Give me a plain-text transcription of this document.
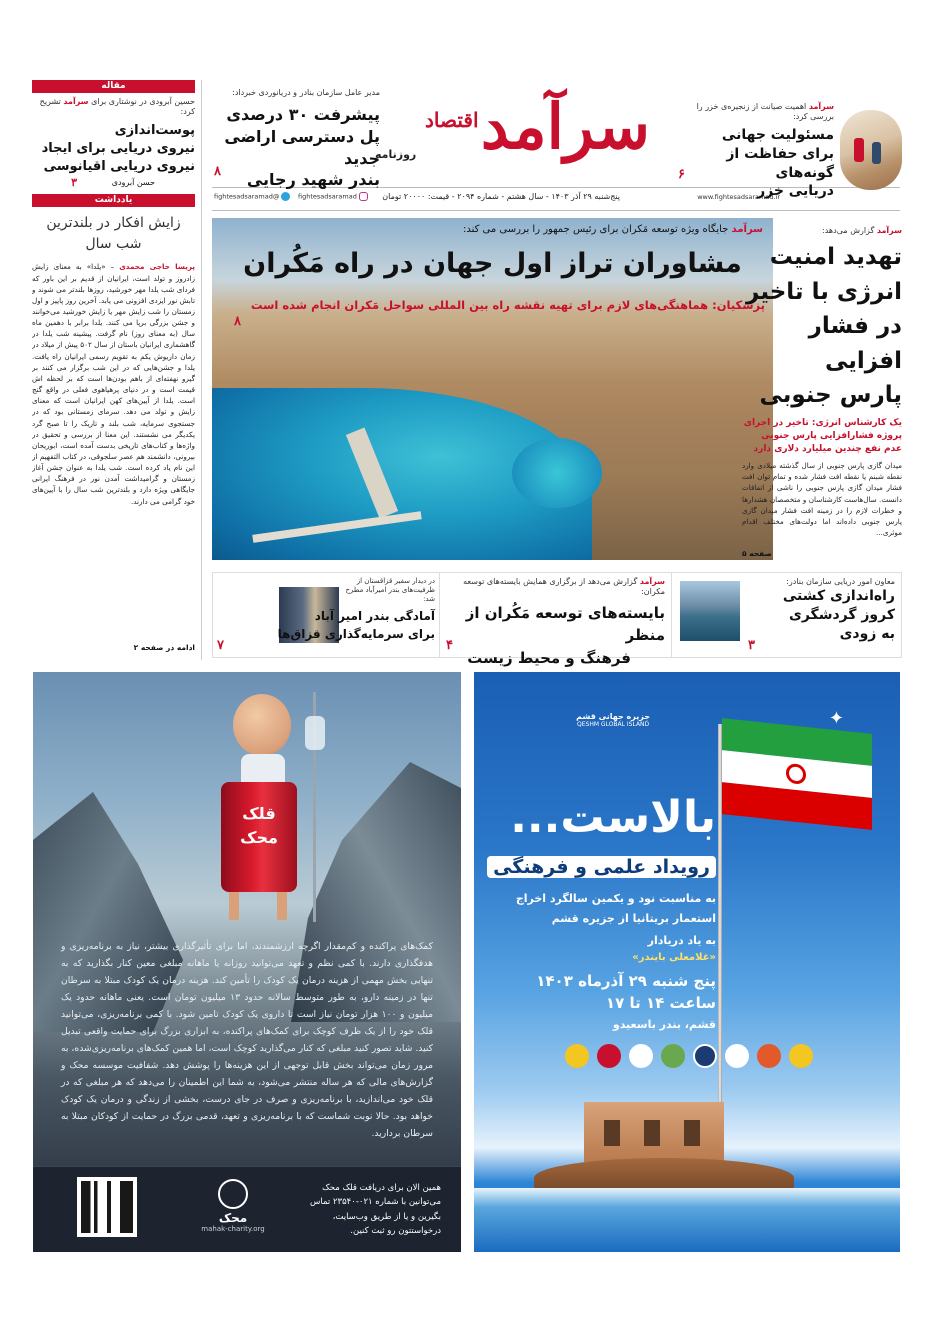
سرآمد
اقتصاد
روزنامه
www.fightesadsaramad.ir
پنج‌شنبه ۲۹ آذر ۱۴۰۳ - سال هشتم - شماره ۲۰۹۴ - قیمت: ۲۰۰۰۰ تومان
fightesadsaramad
@fightesadsaramad
مدیر عامل سازمان بنادر و دریانوردی خبرداد:
پیشرفت ۳۰ درصدی
پل دسترسی اراضی جدید
بندر شهید رجایی
۸
سرآمد اهمیت صیانت از زنجیره‌ی خزر را بررسی کرد:
مسئولیت جهانی
برای حفاظت از گونه‌های
دریایی خزر
۶
سرآمد جایگاه ویژه توسعه مَکران برای رئیس جمهور را بررسی می کند:
مشاوران تراز اول جهان در راه مَکُران
پزشکیان: هماهنگی‌های لازم برای تهیه نقشه راه بین المللی سواحل مَکران انجام شده است
۸
سرآمد گزارش می‌دهد:
تهدید امنیت
انرژی با تاخیر
در فشار افزایی
پارس جنوبی
یک کارشناس انرژی: تاخیر در اجرای پروژه فشارافزایی پارس جنوبی عدم نفع چندین میلیارد دلاری دارد
میدان گازی پارس جنوبی از سال گذشته میلادی وارد نقطه شبنم یا نقطه افت فشار شده و تمام توان افت فشار میدان گازی پارس جنوبی را ناشی از اتفاقات دانست. سال‌هاست کارشناسان و متخصصان هشدارها و خطرات لازم را در زمینه افت فشار میدان گازی پارس جنوبی داده‌اند اما دولت‌های مختلف اقدام موثری...
صفحه ۵
معاون امور دریایی سازمان بنادر:
راه‌اندازی کشتی
کروز گردشگری
به زودی
۳
سرآمد گزارش می‌دهد از برگزاری همایش بایسته‌های توسعه مکران:
بایسته‌های توسعه مَکُران از منظر
فرهنگ و محیط زیست
۴
در دیدار سفیر قزاقستان از ظرفیت‌های بندر امیرآباد مطرح شد:
آمادگی بندر امیر آباد
برای سرمایه‌گذاری قزاق‌ها
۷
مقاله
حسین آبرودی در نوشتاری برای سرآمد تشریح کرد:
پوست‌اندازی
نیروی دریایی برای ایجاد
نیروی دریایی اقیانوسی
حسن آبرودی
۳
یادداشت
زایش افکار در بلندترین شب سال
پریسا حاجی محمدی – «یلدا» به معنای زایش زادروز و تولد است، ایرانیان از قدیم بر این باور که فردای شب یلدا مهر خورشید، روزها بلندتر می شوند و تابش نور ایزدی افزونی می یابد. آخرین روز پاییز و اول زمستان را شب زایش مهر یا زایش خورشید می‌خوانند و جشن بزرگی برپا می کنند. یلدا برابر با دهمین ماه سال (به معنای روز) نام گرفت. پیشینه شب یلدا در گاهشماری ایرانیان باستان از سال ۵۰۲ پیش از میلاد در زمان داریوش یکم به تقویم رسمی ایرانیان راه یافت. یلدا و جشن‌هایی که در این شب برگزار می کنند بر گیرو نهفته‌ای از باهم بودن‌ها است که بر لحظه اش قیمت است و در دنیای پرهیاهوی فعلی در واقع گنج است. یلدا از آیین‌های کهن ایرانیان است که معنای زایش و تولد می دهد. سرمای زمستانی بود که در جستجوی سرمایه، شب بلند و تاریک را تا صبح گرد یکدیگر می نشستند. این معنا از بررسی و تحقیق در واژه‌ها و کتاب‌های تاریخی بدست آمده است، ابوریحان بیرونی، دانشمند هم عصر سلجوقی، در کتاب التفهیم از این نام یاد کرده است. شب یلدا به عنوان جشن آغاز زمستان و گرامیداشت آمدن نور در فرهنگ ایرانی جایگاهی ویژه دارد و بلند‌ترین شب سال را با آیین‌های خود گرامی می دارند.
ادامه در صفحه ۲
قلک
محک
کمک‌های پراکنده و کم‌مقدار اگرچه ارزشمندند، اما برای تأثیرگذاری بیشتر، نیاز به برنامه‌ریزی و هدفگذاری دارند. با کمی نظم و تعهد می‌توانید روزانه یا ماهانه مبلغی معین کنار بگذارید که به تنهایی بخش مهمی از هزینه درمان یک کودک را تأمین کند. هزینه درمان یک کودک مبتلا به سرطان تنها در زمینه دارو، به طور متوسط سالانه حدود ۱۳ میلیون تومان است. یعنی ماهانه حدود یک میلیون و ۱۰۰ هزار تومان نیاز است تا داروی یک کودک تامین شود. با کمی برنامه‌ریزی، می‌توانید قلک خود را از یک ظرف کوچک برای کمک‌های پراکنده، به ابزاری بزرگ برای حمایت واقعی تبدیل کنید. شاید تصور کنید مبلغی که کنار می‌گذارید کوچک است، اما همین کمک‌های برنامه‌ریزی‌شده، به مرور زمان می‌تواند بخش قابل توجهی از این هزینه‌ها را پوشش دهد. شفافیت موسسه محک و گزارش‌های مالی که هر ساله منتشر می‌شود، به شما این اطمینان را می‌دهد که هر مبلغی که در قلک خود می‌اندازید، با برنامه‌ریزی و صرف در جای درست، بخشی از زندگی و درمان یک کودک خواهد بود. حالا نوبت شماست که با برنامه‌ریزی و تعهد، قدمی بزرگ در حمایت از کودکان مبتلا به سرطان بردارید.
همین الان برای دریافت قلک محک می‌توانین با شماره ۰۲۱-۲۳۵۴۰ تماس بگیرین و یا از طریق وب‌سایت، درخواستتون رو ثبت کنین.
محک
mahak-charity.org
جزیره جهانی قشم
QESHM GLOBAL ISLAND	✦
بالاست...
رویداد علمی و فرهنگی
به مناسبت نود و یکمین سالگرد اخراج
استعمار بریتانیا از جزیره قشم
به یاد دریادار
«غلامعلی بایندر»
پنج شنبه ۲۹ آذرماه ۱۴۰۳
ساعت ۱۴ تا ۱۷
قشم، بندر باسعیدو
